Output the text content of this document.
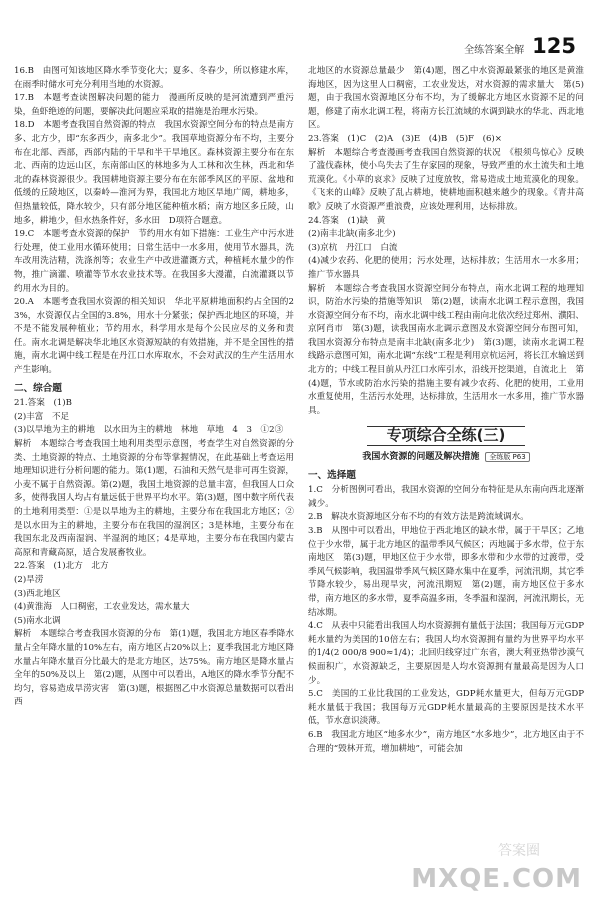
全练答案全解 125

16.B　由图可知该地区降水季节变化大；夏多、冬春少，所以修建水库，在雨季时储水可充分利用当地的水资源。

17.B　本题考查读图解决问题的能力　漫画所反映的是河流遭到严重污染，鱼虾绝迹的问题，要解决此问题应采取的措施是治理水污染。

18.D　本题考查我国自然资源的特点　我国水资源空间分布的特点是南方多、北方少，即“东多西少，南多北少”。我国草地资源分布不均，主要分布在北部、西部，西部内陆的干旱和半干旱地区。森林资源主要分布在东北、西南的边远山区，东南部山区的林地多为人工林和次生林，西北和华北的森林资源很少。我国耕地资源主要分布在东部季风区的平原、盆地和低缓的丘陵地区，以秦岭—淮河为界，我国北方地区旱地广阔，耕地多，但热量较低，降水较少，只有部分地区能种植水稻；南方地区多丘陵，山地多，耕地少，但水热条件好，多水田　D项符合题意。

19.C　本题考查水资源的保护　节约用水有如下措施：工业生产中污水进行处理，使工业用水循环使用；日常生活中一水多用，使用节水器具，洗车改用洗洁精，洗涤剂等；农业生产中改进灌溉方式，种植耗水量少的作物，推广滴灌、喷灌等节水农业技术等。在我国多大漫灌，白流灌溉以节约用水为目的。

20.A　本题考查我国水资源的相关知识　华北平原耕地面积约占全国的23%，水资源仅占全国的3.8%，用水十分紧张；保护西北地区的环境，并不是不能发展种植业；节约用水，科学用水是每个公民应尽的义务和责任。南水北调是解决华北地区水资源短缺的有效措施，并不是全国性的措施，南水北调中线工程是在丹江口水库取水，不会对武汉的生产生活用水产生影响。

二、综合题

21.答案　(1)B

(2)丰富　不足

(3)以旱地为主的耕地　以水田为主的耕地　林地　草地　4　3　①2③

解析　本题综合考查我国土地利用类型示意图，考查学生对自然资源的分类、土地资源的特点、土地资源的分布等掌握情况，在此基础上考查运用地理知识进行分析问题的能力。第(1)题，石油和天然气是非可再生资源，小麦不属于自然资源。第(2)题，我国土地资源的总量丰富，但我国人口众多，使得我国人均占有量远低于世界平均水平。第(3)题，图中数字所代表的土地利用类型：①是以旱地为主的耕地，主要分布在我国北方地区；②是以水田为主的耕地，主要分布在我国的湿润区；3是林地，主要分布在我国东北及西南湿润、半湿润的地区；4是草地，主要分布在我国内蒙古高原和青藏高原，适合发展畜牧业。

22.答案　(1)北方　北方

(2)旱涝

(3)西北地区

(4)黄淮海　人口稠密，工农业发达，需水量大

(5)南水北调

解析　本题综合考查我国水资源的分布　第(1)题，我国北方地区春季降水量占全年降水量的10%左右，南方地区占20%以上；夏季我国北方地区降水量占年降水量百分比最大的是北方地区，达75%。南方地区是降水量占全年的50%及以上　第(2)题，从图中可以看出，A地区的降水季节分配不均匀，容易造成旱涝灾害　第(3)题，根据图乙中水资源总量数据可以看出西

北地区的水资源总量最少　第(4)题，图乙中水资源最紧张的地区是黄淮海地区，因为这里人口稠密，工农业发达，对水资源的需求量大　第(5)题，由于我国水资源地区分布不均，为了缓解北方地区水资源不足的问题，修建了南水北调工程，将南方长江流域的水调到缺水的华北、西北地区。

23.答案　(1)C　(2)A　(3)E　(4)B　(5)F　(6)×

解析　本题综合考查漫画考查我国自然资源的状况　《根须鸟惊心》反映了滥伐森林，使小鸟失去了生存家园的现象，导致严重的水土流失和土地荒漠化。《小草的哀求》反映了过度放牧，常易造成土地荒漠化的现象。《飞来的山峰》反映了乱占耕地，使耕地面积越来越少的现象。《青井高歌》反映了水资源严重浪费，应该处理利用，达标排放。

24.答案　(1)缺　黄

(2)南丰北缺(南多北少)

(3)京杭　丹江口　白流

(4)减少农药、化肥的使用；污水处理，达标排放；生活用水一水多用；推广节水器具

解析　本题综合考查我国水资源空间分布特点，南水北调工程的地理知识，防治水污染的措施等知识　第(2)题，读南水北调工程示意图，我国水资源空间分布不均，南水北调中线工程由南向北依次经过郑州、濮阳、京阿肖市　第(3)题，读我国南水北调示意图及水资源空间分布图可知，我国水资源分布特点是南丰北缺(南多北少)　第(3)题，读南水北调工程线路示意图可知，南水北调“东线”工程是利用京杭运河，将长江水输送到北方的；中线工程目前从丹江口水库引水，沿线开挖渠道，自流北上　第(4)题，节水或防治水污染的措施主要有减少农药、化肥的使用，工业用水重复使用，生活污水处理，达标排放，生活用水一水多用，推广节水器具。

专项综合全练(三)
我国水资源的问题及解决措施 全练版 P63

一、选择题

1.C　分析图例可看出，我国水资源的空间分布特征是从东南向西北逐渐减少。

2.B　解决水资源地区分布不均的有效方法是跨流域调水。

3.B　从图中可以看出，甲地位于西北地区的缺水带，属于干旱区；乙地位于少水带，属于北方地区的温带季风气候区；丙地属于多水带，位于东南地区　第(3)题，甲地区位于少水带，即多水带和少水带的过渡带，受季风气候影响，我国温带季风气候区降水集中在夏季，河流汛期，其它季节降水较少，易出现旱灾，河流汛期短　第(2)题，南方地区位于多水带，南方地区的多水带，夏季高温多雨，冬季温和湿润，河流汛期长，无结冰期。

4.C　从表中只能看出我国人均水资源拥有量低于法国；我国每万元GDP耗水量约为美国的10倍左右；我国人均水资源拥有量约为世界平均水平的1/4(2 000/8 900≈1/4)；北回归线穿过广东省，澳大利亚热带沙漠气候面积广，水资源缺乏，主要原因是人均水资源拥有量最高是因为人口少。

5.C　美国的工业比我国的工业发达，GDP耗水量更大，但每万元GDP耗水量低于我国；我国每万元GDP耗水量最高的主要原因是技术水平低，节水意识淡薄。

6.B　我国北方地区“地多水少”，南方地区“水多地少”，北方地区由于不合理的“毁林开荒，增加耕地”，可能会加

答案圈
MXQE.COM
